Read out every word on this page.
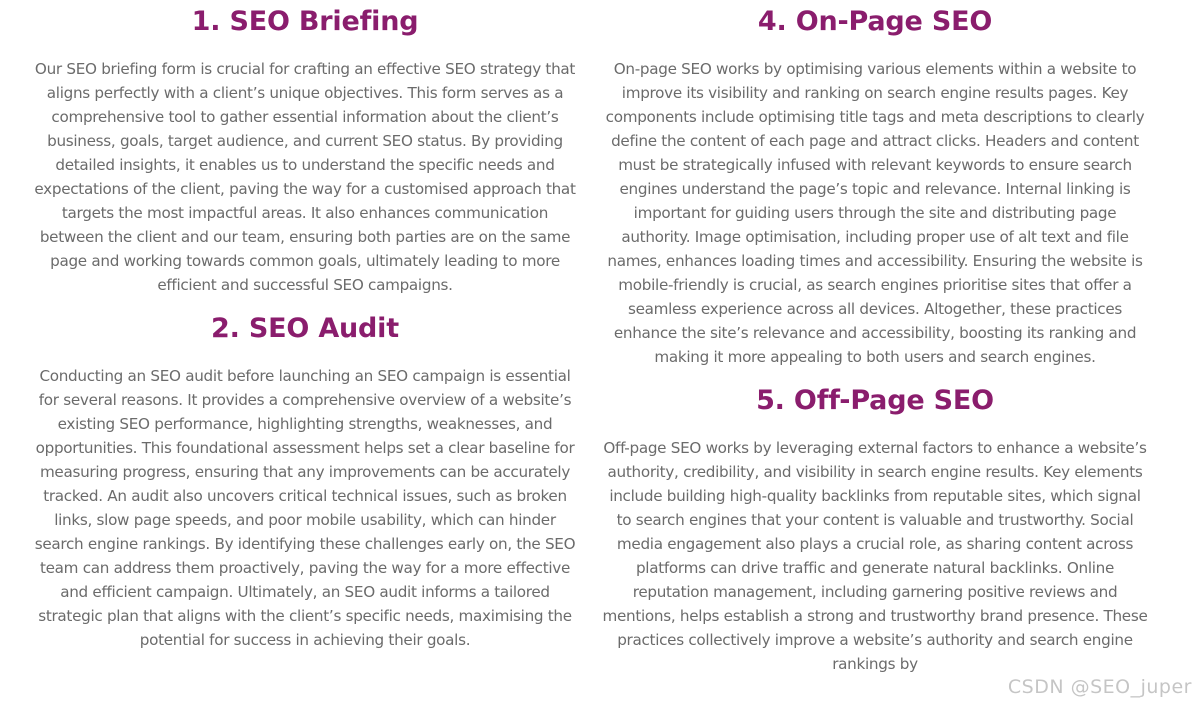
1. SEO Briefing

Our SEO briefing form is crucial for crafting an effective SEO strategy that aligns perfectly with a client’s unique objectives. This form serves as a comprehensive tool to gather essential information about the client’s business, goals, target audience, and current SEO status. By providing detailed insights, it enables us to understand the specific needs and expectations of the client, paving the way for a customised approach that targets the most impactful areas. It also enhances communication between the client and our team, ensuring both parties are on the same page and working towards common goals, ultimately leading to more efficient and successful SEO campaigns.

2. SEO Audit

Conducting an SEO audit before launching an SEO campaign is essential for several reasons. It provides a comprehensive overview of a website’s existing SEO performance, highlighting strengths, weaknesses, and opportunities. This foundational assessment helps set a clear baseline for measuring progress, ensuring that any improvements can be accurately tracked. An audit also uncovers critical technical issues, such as broken links, slow page speeds, and poor mobile usability, which can hinder search engine rankings. By identifying these challenges early on, the SEO team can address them proactively, paving the way for a more effective and efficient campaign. Ultimately, an SEO audit informs a tailored strategic plan that aligns with the client’s specific needs, maximising the potential for success in achieving their goals.

4. On-Page SEO

On-page SEO works by optimising various elements within a website to improve its visibility and ranking on search engine results pages. Key components include optimising title tags and meta descriptions to clearly define the content of each page and attract clicks. Headers and content must be strategically infused with relevant keywords to ensure search engines understand the page’s topic and relevance. Internal linking is important for guiding users through the site and distributing page authority. Image optimisation, including proper use of alt text and file names, enhances loading times and accessibility. Ensuring the website is mobile-friendly is crucial, as search engines prioritise sites that offer a seamless experience across all devices. Altogether, these practices enhance the site’s relevance and accessibility, boosting its ranking and making it more appealing to both users and search engines.

5. Off-Page SEO

Off-page SEO works by leveraging external factors to enhance a website’s authority, credibility, and visibility in search engine results. Key elements include building high-quality backlinks from reputable sites, which signal to search engines that your content is valuable and trustworthy. Social media engagement also plays a crucial role, as sharing content across platforms can drive traffic and generate natural backlinks. Online reputation management, including garnering positive reviews and mentions, helps establish a strong and trustworthy brand presence. These practices collectively improve a website’s authority and search engine rankings by

CSDN @SEO_juper
